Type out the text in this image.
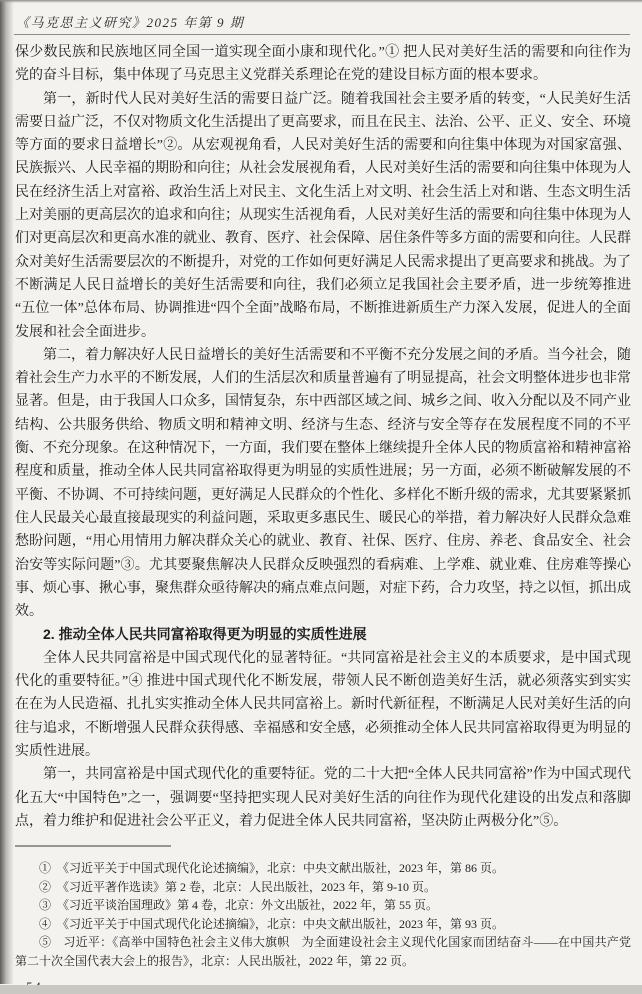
《马克思主义研究》2025 年第 9 期

保少数民族和民族地区同全国一道实现全面小康和现代化。”① 把人民对美好生活的需要和向往作为党的奋斗目标，集中体现了马克思主义党群关系理论在党的建设目标方面的根本要求。

第一，新时代人民对美好生活的需要日益广泛。随着我国社会主要矛盾的转变，“人民美好生活需要日益广泛，不仅对物质文化生活提出了更高要求，而且在民主、法治、公平、正义、安全、环境等方面的要求日益增长”②。从宏观视角看，人民对美好生活的需要和向往集中体现为对国家富强、民族振兴、人民幸福的期盼和向往；从社会发展视角看，人民对美好生活的需要和向往集中体现为人民在经济生活上对富裕、政治生活上对民主、文化生活上对文明、社会生活上对和谐、生态文明生活上对美丽的更高层次的追求和向往；从现实生活视角看，人民对美好生活的需要和向往集中体现为人们对更高层次和更高水准的就业、教育、医疗、社会保障、居住条件等多方面的需要和向往。人民群众对美好生活需要层次的不断提升，对党的工作如何更好满足人民需求提出了更高要求和挑战。为了不断满足人民日益增长的美好生活需要和向往，我们必须立足我国社会主要矛盾，进一步统筹推进“五位一体”总体布局、协调推进“四个全面”战略布局，不断推进新质生产力深入发展，促进人的全面发展和社会全面进步。

第二，着力解决好人民日益增长的美好生活需要和不平衡不充分发展之间的矛盾。当今社会，随着社会生产力水平的不断发展，人们的生活层次和质量普遍有了明显提高，社会文明整体进步也非常显著。但是，由于我国人口众多，国情复杂，东中西部区域之间、城乡之间、收入分配以及不同产业结构、公共服务供给、物质文明和精神文明、经济与生态、经济与安全等存在发展程度不同的不平衡、不充分现象。在这种情况下，一方面，我们要在整体上继续提升全体人民的物质富裕和精神富裕程度和质量，推动全体人民共同富裕取得更为明显的实质性进展；另一方面，必须不断破解发展的不平衡、不协调、不可持续问题，更好满足人民群众的个性化、多样化不断升级的需求，尤其要紧紧抓住人民最关心最直接最现实的利益问题，采取更多惠民生、暖民心的举措，着力解决好人民群众急难愁盼问题，“用心用情用力解决群众关心的就业、教育、社保、医疗、住房、养老、食品安全、社会治安等实际问题”③。尤其要聚焦解决人民群众反映强烈的看病难、上学难、就业难、住房难等操心事、烦心事、揪心事，聚焦群众亟待解决的痛点难点问题，对症下药，合力攻坚，持之以恒，抓出成效。

2. 推动全体人民共同富裕取得更为明显的实质性进展

全体人民共同富裕是中国式现代化的显著特征。“共同富裕是社会主义的本质要求，是中国式现代化的重要特征。”④ 推进中国式现代化不断发展，带领人民不断创造美好生活，就必须落实到实实在在为人民造福、扎扎实实推动全体人民共同富裕上。新时代新征程，不断满足人民对美好生活的向往与追求，不断增强人民群众获得感、幸福感和安全感，必须推动全体人民共同富裕取得更为明显的实质性进展。

第一，共同富裕是中国式现代化的重要特征。党的二十大把“全体人民共同富裕”作为中国式现代化五大“中国特色”之一，强调要“坚持把实现人民对美好生活的向往作为现代化建设的出发点和落脚点，着力维护和促进社会公平正义，着力促进全体人民共同富裕，坚决防止两极分化”⑤。

①　《习近平关于中国式现代化论述摘编》，北京：中央文献出版社，2023 年，第 86 页。

②　《习近平著作选读》第 2 卷，北京：人民出版社，2023 年，第 9-10 页。

③　《习近平谈治国理政》第 4 卷，北京：外文出版社，2022 年，第 55 页。

④　《习近平关于中国式现代化论述摘编》，北京：中央文献出版社，2023 年，第 93 页。

⑤　习近平：《高举中国特色社会主义伟大旗帜　为全面建设社会主义现代化国家而团结奋斗——在中国共产党第二十次全国代表大会上的报告》，北京：人民出版社，2022 年，第 22 页。
